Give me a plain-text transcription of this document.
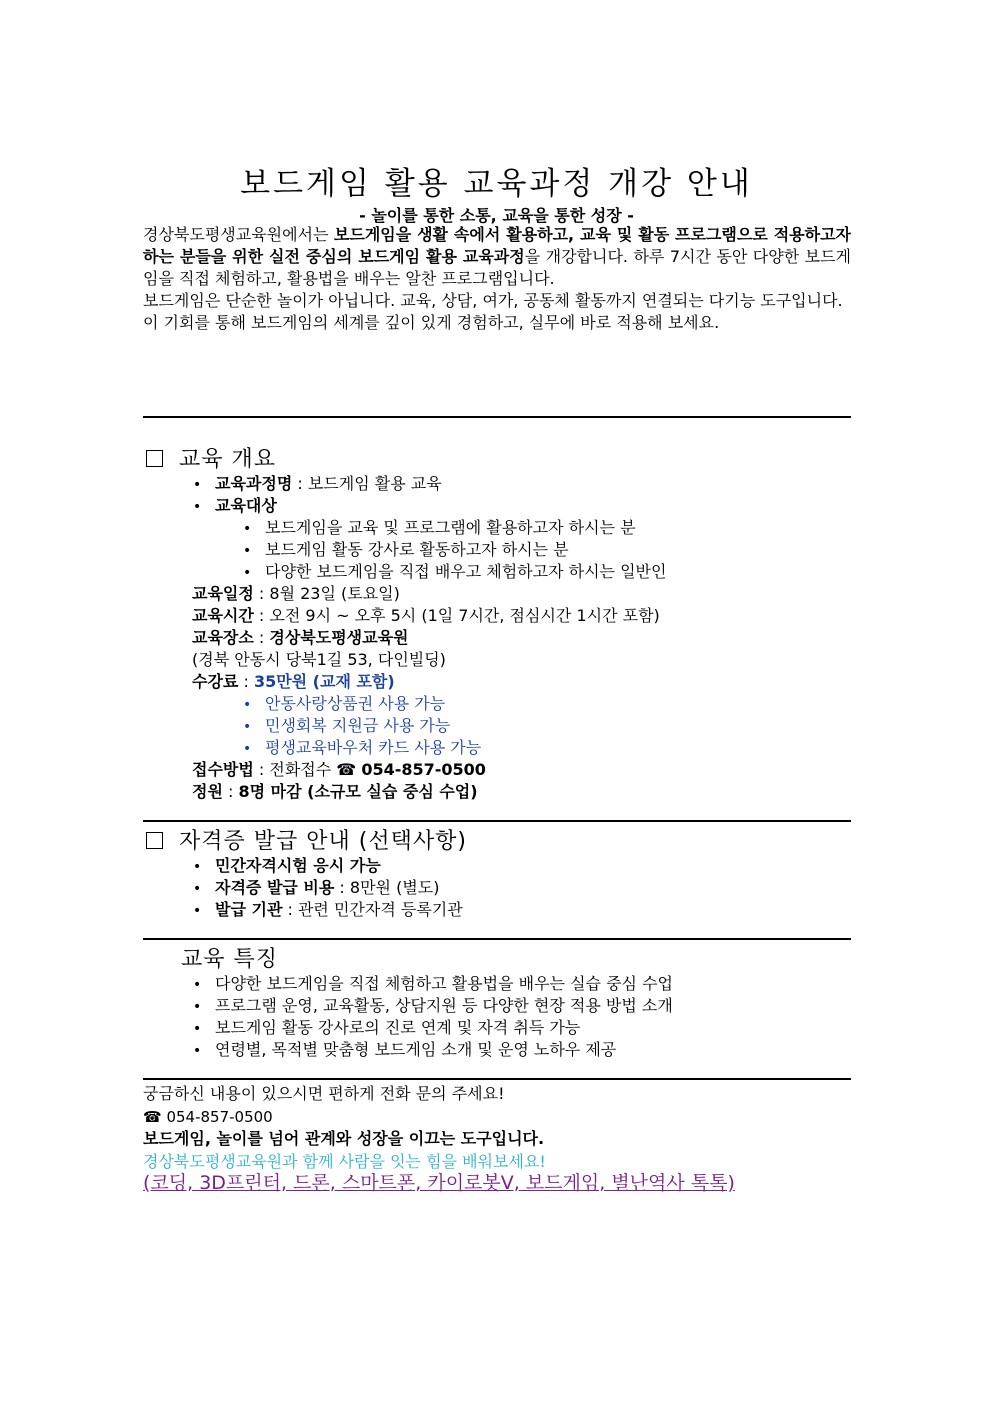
보드게임 활용 교육과정 개강 안내
- 놀이를 통한 소통, 교육을 통한 성장 -

경상북도평생교육원에서는 보드게임을 생활 속에서 활용하고, 교육 및 활동 프로그램으로 적용하고자 하는 분들을 위한 실전 중심의 보드게임 활용 교육과정을 개강합니다. 하루 7시간 동안 다양한 보드게임을 직접 체험하고, 활용법을 배우는 알찬 프로그램입니다.

보드게임은 단순한 놀이가 아닙니다. 교육, 상담, 여가, 공동체 활동까지 연결되는 다기능 도구입니다.

이 기회를 통해 보드게임의 세계를 깊이 있게 경험하고, 실무에 바로 적용해 보세요.

교육 개요
• 교육과정명 : 보드게임 활용 교육
• 교육대상
• 보드게임을 교육 및 프로그램에 활용하고자 하시는 분
• 보드게임 활동 강사로 활동하고자 하시는 분
• 다양한 보드게임을 직접 배우고 체험하고자 하시는 일반인
교육일정 : 8월 23일 (토요일)
교육시간 : 오전 9시 ~ 오후 5시 (1일 7시간, 점심시간 1시간 포함)
교육장소 : 경상북도평생교육원
(경북 안동시 당북1길 53, 다인빌딩)
수강료 : 35만원 (교재 포함)
• 안동사랑상품권 사용 가능
• 민생회복 지원금 사용 가능
• 평생교육바우처 카드 사용 가능
접수방법 : 전화접수 ☎ 054-857-0500
정원 : 8명 마감 (소규모 실습 중심 수업)
자격증 발급 안내 (선택사항)
• 민간자격시험 응시 가능
• 자격증 발급 비용 : 8만원 (별도)
• 발급 기관 : 관련 민간자격 등록기관
교육 특징
• 다양한 보드게임을 직접 체험하고 활용법을 배우는 실습 중심 수업
• 프로그램 운영, 교육활동, 상담지원 등 다양한 현장 적용 방법 소개
• 보드게임 활동 강사로의 진로 연계 및 자격 취득 가능
• 연령별, 목적별 맞춤형 보드게임 소개 및 운영 노하우 제공
궁금하신 내용이 있으시면 편하게 전화 문의 주세요!
☎ 054-857-0500
보드게임, 놀이를 넘어 관계와 성장을 이끄는 도구입니다.
경상북도평생교육원과 함께 사람을 잇는 힘을 배워보세요!
(코딩, 3D프린터, 드론, 스마트폰, 카이로봇V, 보드게임, 별난역사 톡톡)
